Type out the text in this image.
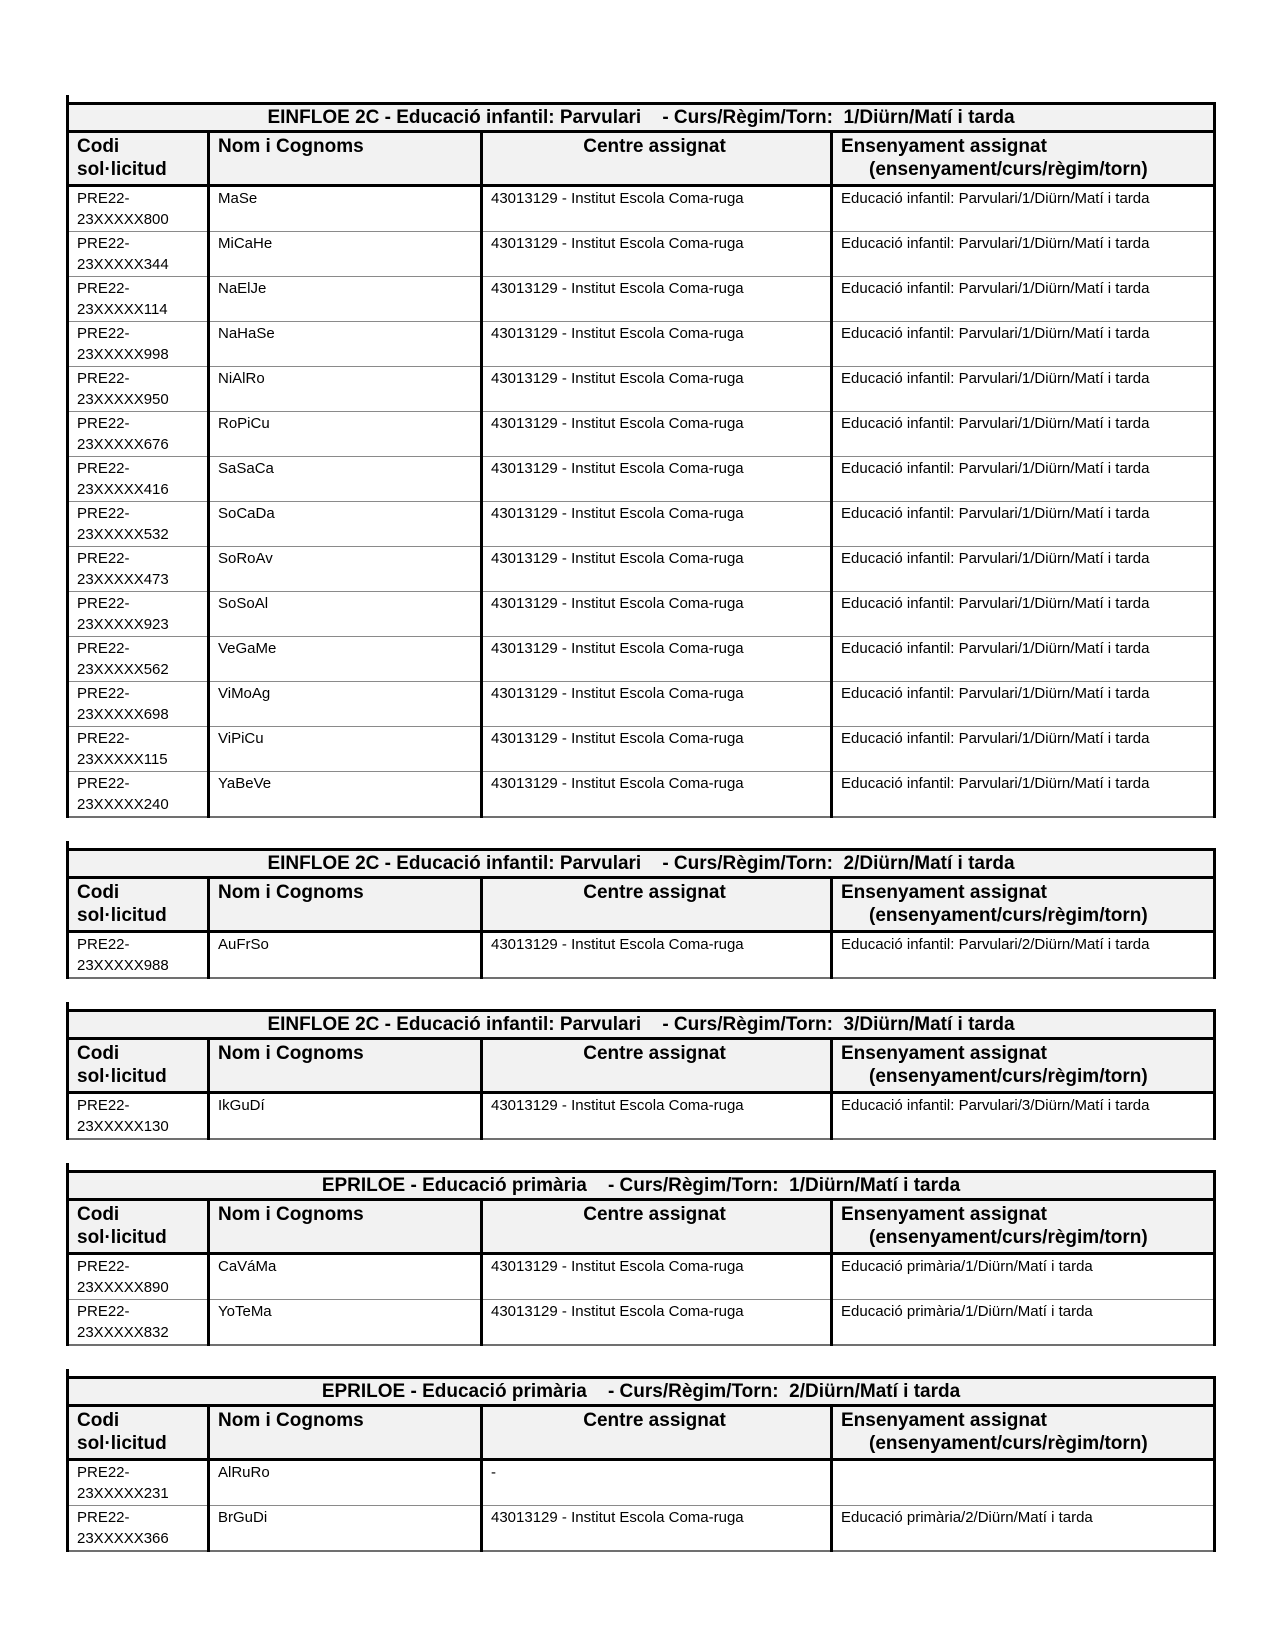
EINFLOE 2C - Educació infantil: Parvulari    - Curs/Règim/Torn:  1/Diürn/Matí i tarda			

Codi
sol·licitud
	Nom i Cognoms	Centre assignat	Ensenyament assignat
(ensenyament/curs/règim/torn)

PRE22-
23XXXXX800	MaSe	43013129 - Institut Escola Coma-ruga	Educació infantil: Parvulari/1/Diürn/Matí i tarda

PRE22-
23XXXXX344	MiCaHe	43013129 - Institut Escola Coma-ruga	Educació infantil: Parvulari/1/Diürn/Matí i tarda

PRE22-
23XXXXX114	NaElJe	43013129 - Institut Escola Coma-ruga	Educació infantil: Parvulari/1/Diürn/Matí i tarda

PRE22-
23XXXXX998	NaHaSe	43013129 - Institut Escola Coma-ruga	Educació infantil: Parvulari/1/Diürn/Matí i tarda

PRE22-
23XXXXX950	NiAlRo	43013129 - Institut Escola Coma-ruga	Educació infantil: Parvulari/1/Diürn/Matí i tarda

PRE22-
23XXXXX676	RoPiCu	43013129 - Institut Escola Coma-ruga	Educació infantil: Parvulari/1/Diürn/Matí i tarda

PRE22-
23XXXXX416	SaSaCa	43013129 - Institut Escola Coma-ruga	Educació infantil: Parvulari/1/Diürn/Matí i tarda

PRE22-
23XXXXX532	SoCaDa	43013129 - Institut Escola Coma-ruga	Educació infantil: Parvulari/1/Diürn/Matí i tarda

PRE22-
23XXXXX473	SoRoAv	43013129 - Institut Escola Coma-ruga	Educació infantil: Parvulari/1/Diürn/Matí i tarda

PRE22-
23XXXXX923	SoSoAl	43013129 - Institut Escola Coma-ruga	Educació infantil: Parvulari/1/Diürn/Matí i tarda

PRE22-
23XXXXX562	VeGaMe	43013129 - Institut Escola Coma-ruga	Educació infantil: Parvulari/1/Diürn/Matí i tarda

PRE22-
23XXXXX698	ViMoAg	43013129 - Institut Escola Coma-ruga	Educació infantil: Parvulari/1/Diürn/Matí i tarda

PRE22-
23XXXXX115	ViPiCu	43013129 - Institut Escola Coma-ruga	Educació infantil: Parvulari/1/Diürn/Matí i tarda

PRE22-
23XXXXX240	YaBeVe	43013129 - Institut Escola Coma-ruga	Educació infantil: Parvulari/1/Diürn/Matí i tarda
EINFLOE 2C - Educació infantil: Parvulari    - Curs/Règim/Torn:  2/Diürn/Matí i tarda			

Codi
sol·licitud
	Nom i Cognoms	Centre assignat	Ensenyament assignat
(ensenyament/curs/règim/torn)

PRE22-
23XXXXX988	AuFrSo	43013129 - Institut Escola Coma-ruga	Educació infantil: Parvulari/2/Diürn/Matí i tarda
EINFLOE 2C - Educació infantil: Parvulari    - Curs/Règim/Torn:  3/Diürn/Matí i tarda			

Codi
sol·licitud
	Nom i Cognoms	Centre assignat	Ensenyament assignat
(ensenyament/curs/règim/torn)

PRE22-
23XXXXX130	IkGuDí	43013129 - Institut Escola Coma-ruga	Educació infantil: Parvulari/3/Diürn/Matí i tarda
EPRILOE - Educació primària    - Curs/Règim/Torn:  1/Diürn/Matí i tarda			

Codi
sol·licitud
	Nom i Cognoms	Centre assignat	Ensenyament assignat
(ensenyament/curs/règim/torn)

PRE22-
23XXXXX890	CaVáMa	43013129 - Institut Escola Coma-ruga	Educació primària/1/Diürn/Matí i tarda

PRE22-
23XXXXX832	YoTeMa	43013129 - Institut Escola Coma-ruga	Educació primària/1/Diürn/Matí i tarda
EPRILOE - Educació primària    - Curs/Règim/Torn:  2/Diürn/Matí i tarda			

Codi
sol·licitud
	Nom i Cognoms	Centre assignat	Ensenyament assignat
(ensenyament/curs/règim/torn)

PRE22-
23XXXXX231	AlRuRo	-	

PRE22-
23XXXXX366	BrGuDi	43013129 - Institut Escola Coma-ruga	Educació primària/2/Diürn/Matí i tarda
